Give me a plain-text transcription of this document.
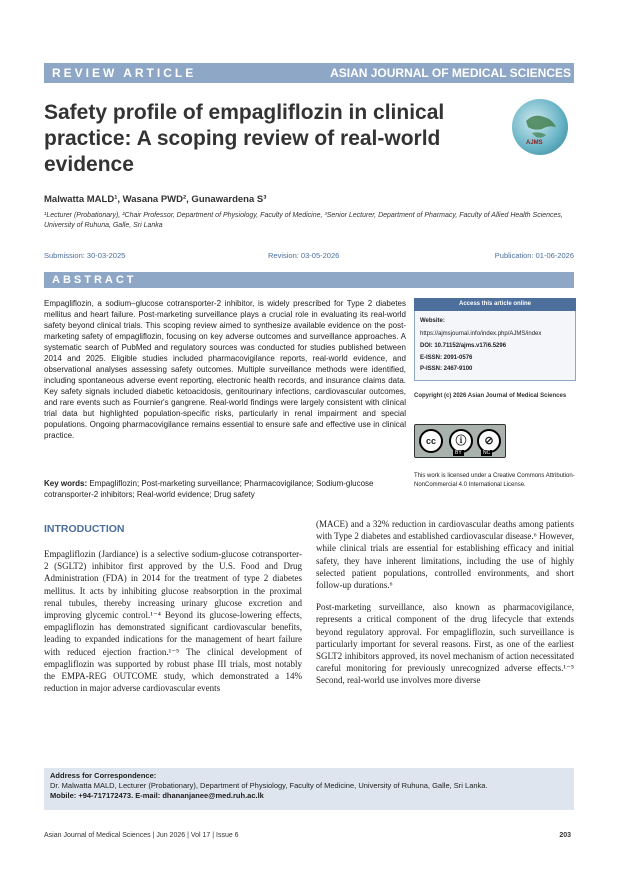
REVIEW ARTICLE	ASIAN JOURNAL OF MEDICAL SCIENCES
Safety profile of empagliflozin in clinical practice: A scoping review of real-world evidence
AJMS
Malwatta MALD¹, Wasana PWD², Gunawardena S³
¹Lecturer (Probationary), ²Chair Professor, Department of Physiology, Faculty of Medicine, ³Senior Lecturer, Department of Pharmacy, Faculty of Allied Health Sciences, University of Ruhuna, Galle, Sri Lanka
Submission: 30-03-2025	Revision: 03-05-2026	Publication: 01-06-2026
ABSTRACT
Empagliflozin, a sodium–glucose cotransporter-2 inhibitor, is widely prescribed for Type 2 diabetes mellitus and heart failure. Post-marketing surveillance plays a crucial role in evaluating its real-world safety beyond clinical trials. This scoping review aimed to synthesize available evidence on the post-marketing safety of empagliflozin, focusing on key adverse outcomes and surveillance approaches. A systematic search of PubMed and regulatory sources was conducted for studies published between 2014 and 2025. Eligible studies included pharmacovigilance reports, real-world evidence, and observational analyses assessing safety outcomes. Multiple surveillance methods were identified, including spontaneous adverse event reporting, electronic health records, and insurance claims data. Key safety signals included diabetic ketoacidosis, genitourinary infections, cardiovascular outcomes, and rare events such as Fournier's gangrene. Real-world findings were largely consistent with clinical trial data but highlighted population-specific risks, particularly in renal impairment and special populations. Ongoing pharmacovigilance remains essential to ensure safe and effective use in clinical practice.
Key words: Empagliflozin; Post-marketing surveillance; Pharmacovigilance; Sodium-glucose cotransporter-2 inhibitors; Real-world evidence; Drug safety
Access this article online
Website:
https://ajmsjournal.info/index.php/AJMS/index
DOI: 10.71152/ajms.v17i6.5296
E-ISSN: 2091-0576
P-ISSN: 2467-9100
Copyright (c) 2026 Asian Journal of Medical Sciences
cc	ⓘ	⊘
BY	NC
This work is licensed under a Creative Commons Attribution-NonCommercial 4.0 International License.
INTRODUCTION

Empagliflozin (Jardiance) is a selective sodium-glucose cotransporter-2 (SGLT2) inhibitor first approved by the U.S. Food and Drug Administration (FDA) in 2014 for the treatment of type 2 diabetes mellitus. It acts by inhibiting glucose reabsorption in the proximal renal tubules, thereby increasing urinary glucose excretion and improving glycemic control.¹⁻⁴ Beyond its glucose-lowering effects, empagliflozin has demonstrated significant cardiovascular benefits, leading to expanded indications for the management of heart failure with reduced ejection fraction.¹⁻⁵ The clinical development of empagliflozin was supported by robust phase III trials, most notably the EMPA-REG OUTCOME study, which demonstrated a 14% reduction in major adverse cardiovascular events

(MACE) and a 32% reduction in cardiovascular deaths among patients with Type 2 diabetes and established cardiovascular disease.⁶ However, while clinical trials are essential for establishing efficacy and initial safety, they have inherent limitations, including the use of highly selected patient populations, controlled environments, and short follow-up durations.⁶

Post-marketing surveillance, also known as pharmacovigilance, represents a critical component of the drug lifecycle that extends beyond regulatory approval. For empagliflozin, such surveillance is particularly important for several reasons. First, as one of the earliest SGLT2 inhibitors approved, its novel mechanism of action necessitated careful monitoring for previously unrecognized adverse effects.¹⁻⁵ Second, real-world use involves more diverse

Address for Correspondence:
Dr. Malwatta MALD, Lecturer (Probationary), Department of Physiology, Faculty of Medicine, University of Ruhuna, Galle, Sri Lanka.
Mobile: +94-717172473. E-mail: dhananjanee@med.ruh.ac.lk
Asian Journal of Medical Sciences | Jun 2026 | Vol 17 | Issue 6	203
